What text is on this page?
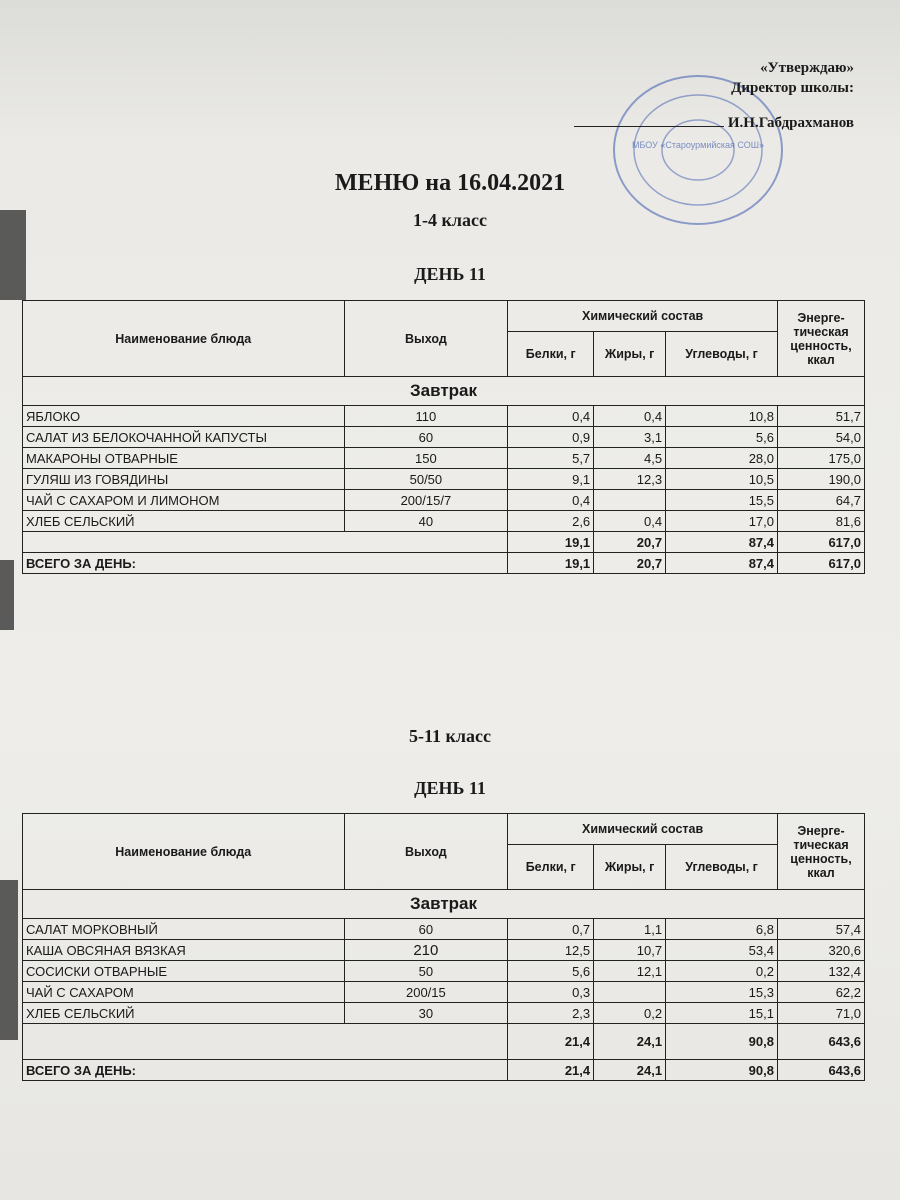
МБОУ «Староурмийская СОШ»
«Утверждаю»
Директор школы:
И.Н.Габдрахманов
МЕНЮ на 16.04.2021
1-4 класс
ДЕНЬ 11
Наименование блюда	Выход	Химический состав			Энерге-тическая ценность, ккал
		Белки, г	Жиры, г	Углеводы, г	
Завтрак					
ЯБЛОКО	110	0,4	0,4	10,8	51,7
САЛАТ ИЗ БЕЛОКОЧАННОЙ КАПУСТЫ	60	0,9	3,1	5,6	54,0
МАКАРОНЫ ОТВАРНЫЕ	150	5,7	4,5	28,0	175,0
ГУЛЯШ ИЗ ГОВЯДИНЫ	50/50	9,1	12,3	10,5	190,0
ЧАЙ С САХАРОМ И ЛИМОНОМ	200/15/7	0,4		15,5	64,7
ХЛЕБ СЕЛЬСКИЙ	40	2,6	0,4	17,0	81,6
		19,1	20,7	87,4	617,0
ВСЕГО ЗА ДЕНЬ:		19,1	20,7	87,4	617,0
5-11 класс
ДЕНЬ 11
Наименование блюда	Выход	Химический состав			Энерге-тическая ценность, ккал
		Белки, г	Жиры, г	Углеводы, г	
Завтрак					
САЛАТ МОРКОВНЫЙ	60	0,7	1,1	6,8	57,4
КАША ОВСЯНАЯ ВЯЗКАЯ	210	12,5	10,7	53,4	320,6
СОСИСКИ ОТВАРНЫЕ	50	5,6	12,1	0,2	132,4
ЧАЙ С САХАРОМ	200/15	0,3		15,3	62,2
ХЛЕБ СЕЛЬСКИЙ	30	2,3	0,2	15,1	71,0
		21,4	24,1	90,8	643,6
ВСЕГО ЗА ДЕНЬ:		21,4	24,1	90,8	643,6
